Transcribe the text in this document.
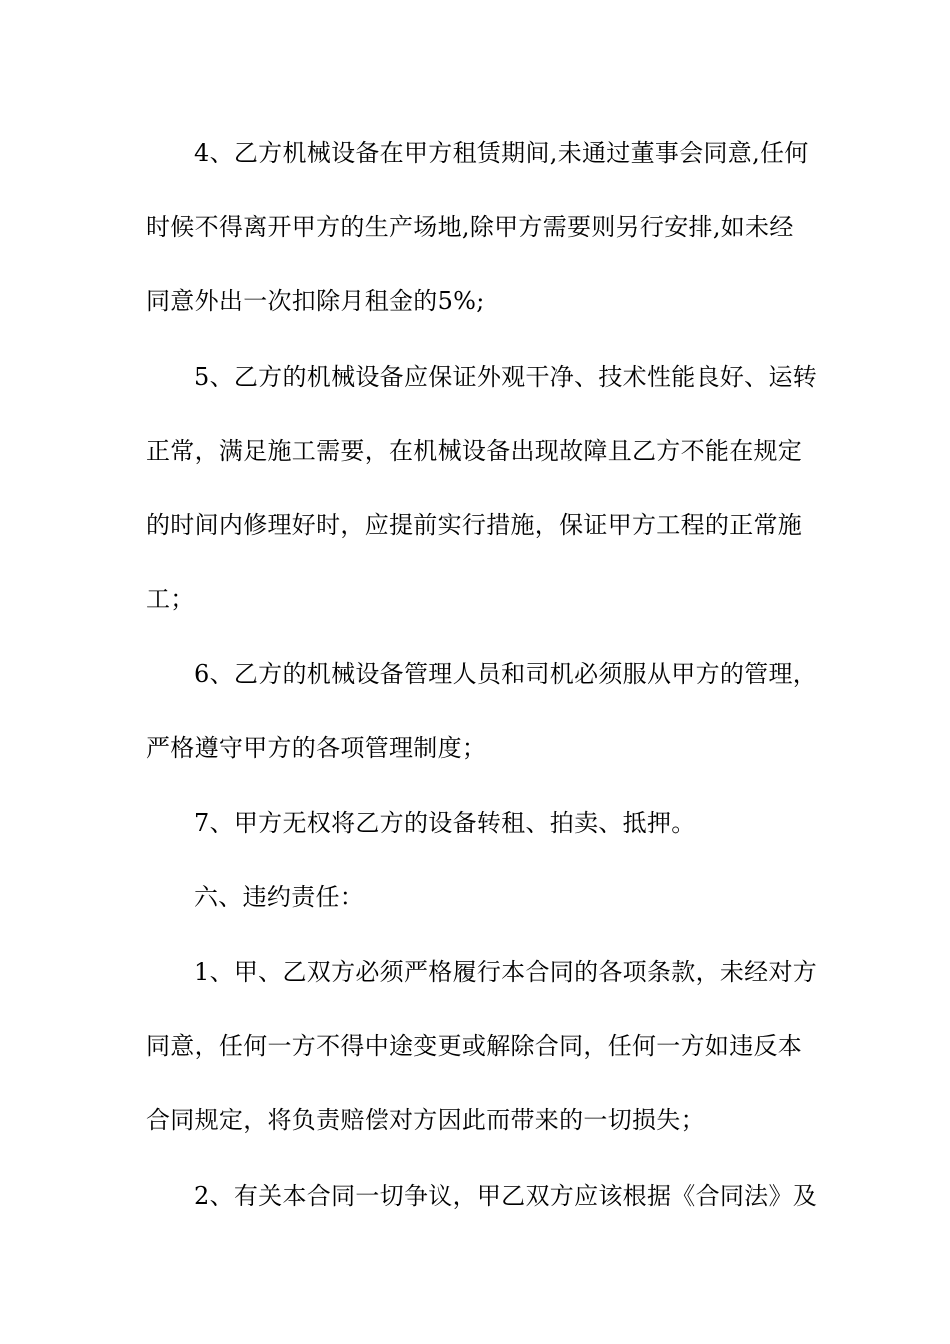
4、乙方机械设备在甲方租赁期间,未通过董事会同意,任何
时候不得离开甲方的生产场地,除甲方需要则另行安排,如未经
同意外出一次扣除月租金的5%;
5、乙方的机械设备应保证外观干净、技术性能良好、运转
正常，满足施工需要，在机械设备出现故障且乙方不能在规定
的时间内修理好时，应提前实行措施，保证甲方工程的正常施
工；
6、乙方的机械设备管理人员和司机必须服从甲方的管理，
严格遵守甲方的各项管理制度；
7、甲方无权将乙方的设备转租、拍卖、抵押。
六、违约责任：
1、甲、乙双方必须严格履行本合同的各项条款，未经对方
同意，任何一方不得中途变更或解除合同，任何一方如违反本
合同规定，将负责赔偿对方因此而带来的一切损失；
2、有关本合同一切争议，甲乙双方应该根据《合同法》及
